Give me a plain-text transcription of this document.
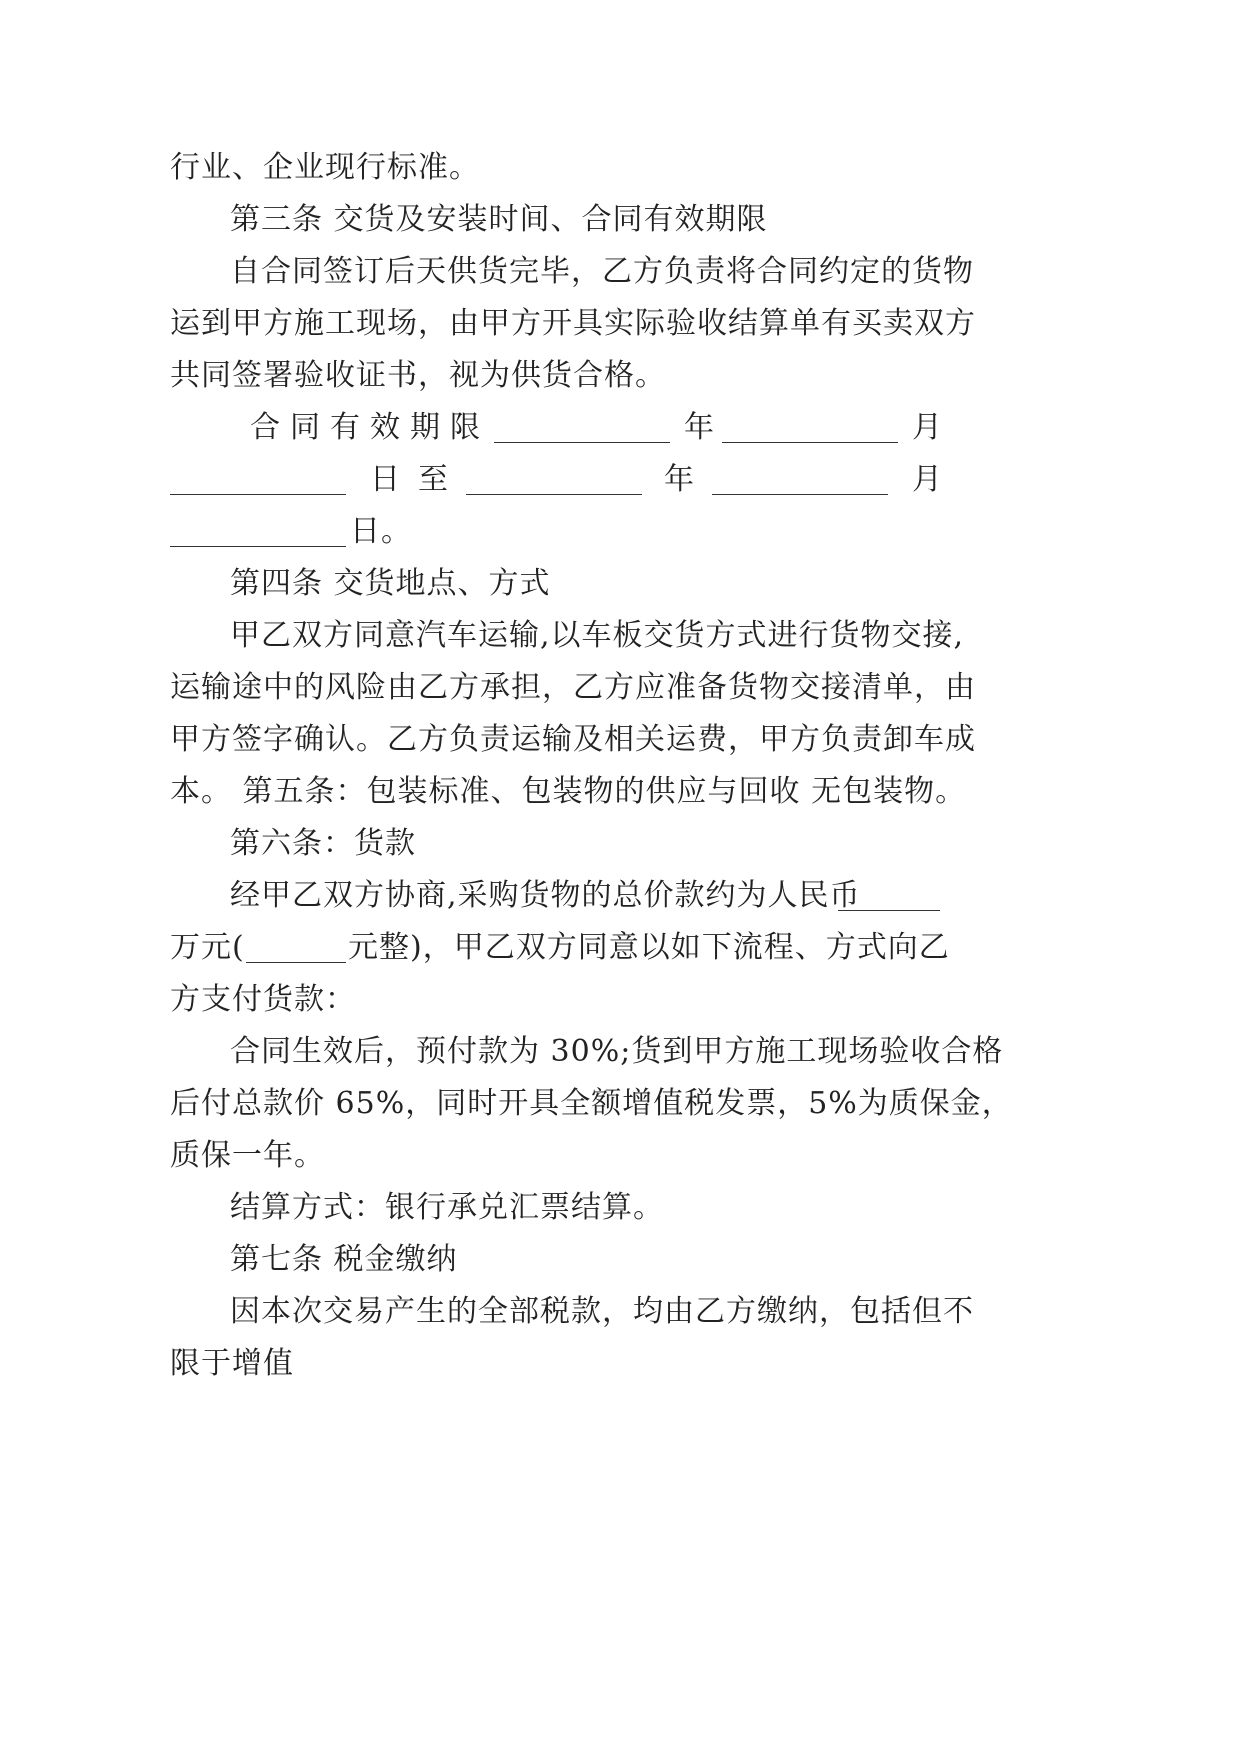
行业、企业现行标准。
第三条 交货及安装时间、合同有效期限
自合同签订后天供货完毕，乙方负责将合同约定的货物
运到甲方施工现场，由甲方开具实际验收结算单有买卖双方
共同签署验收证书，视为供货合格。
合 同 有 效 期 限	年	月
日 至	年	月
日。
第四条 交货地点、方式
甲乙双方同意汽车运输,以车板交货方式进行货物交接,
运输途中的风险由乙方承担，乙方应准备货物交接清单，由
甲方签字确认。乙方负责运输及相关运费，甲方负责卸车成
本。 第五条：包装标准、包装物的供应与回收 无包装物。
第六条：货款
经甲乙双方协商,采购货物的总价款约为人民币
万元(	元整)，甲乙双方同意以如下流程、方式向乙
方支付货款：
合同生效后，预付款为 30%;货到甲方施工现场验收合格
后付总款价 65%，同时开具全额增值税发票，5%为质保金，
质保一年。
结算方式：银行承兑汇票结算。
第七条 税金缴纳
因本次交易产生的全部税款，均由乙方缴纳，包括但不
限于增值
